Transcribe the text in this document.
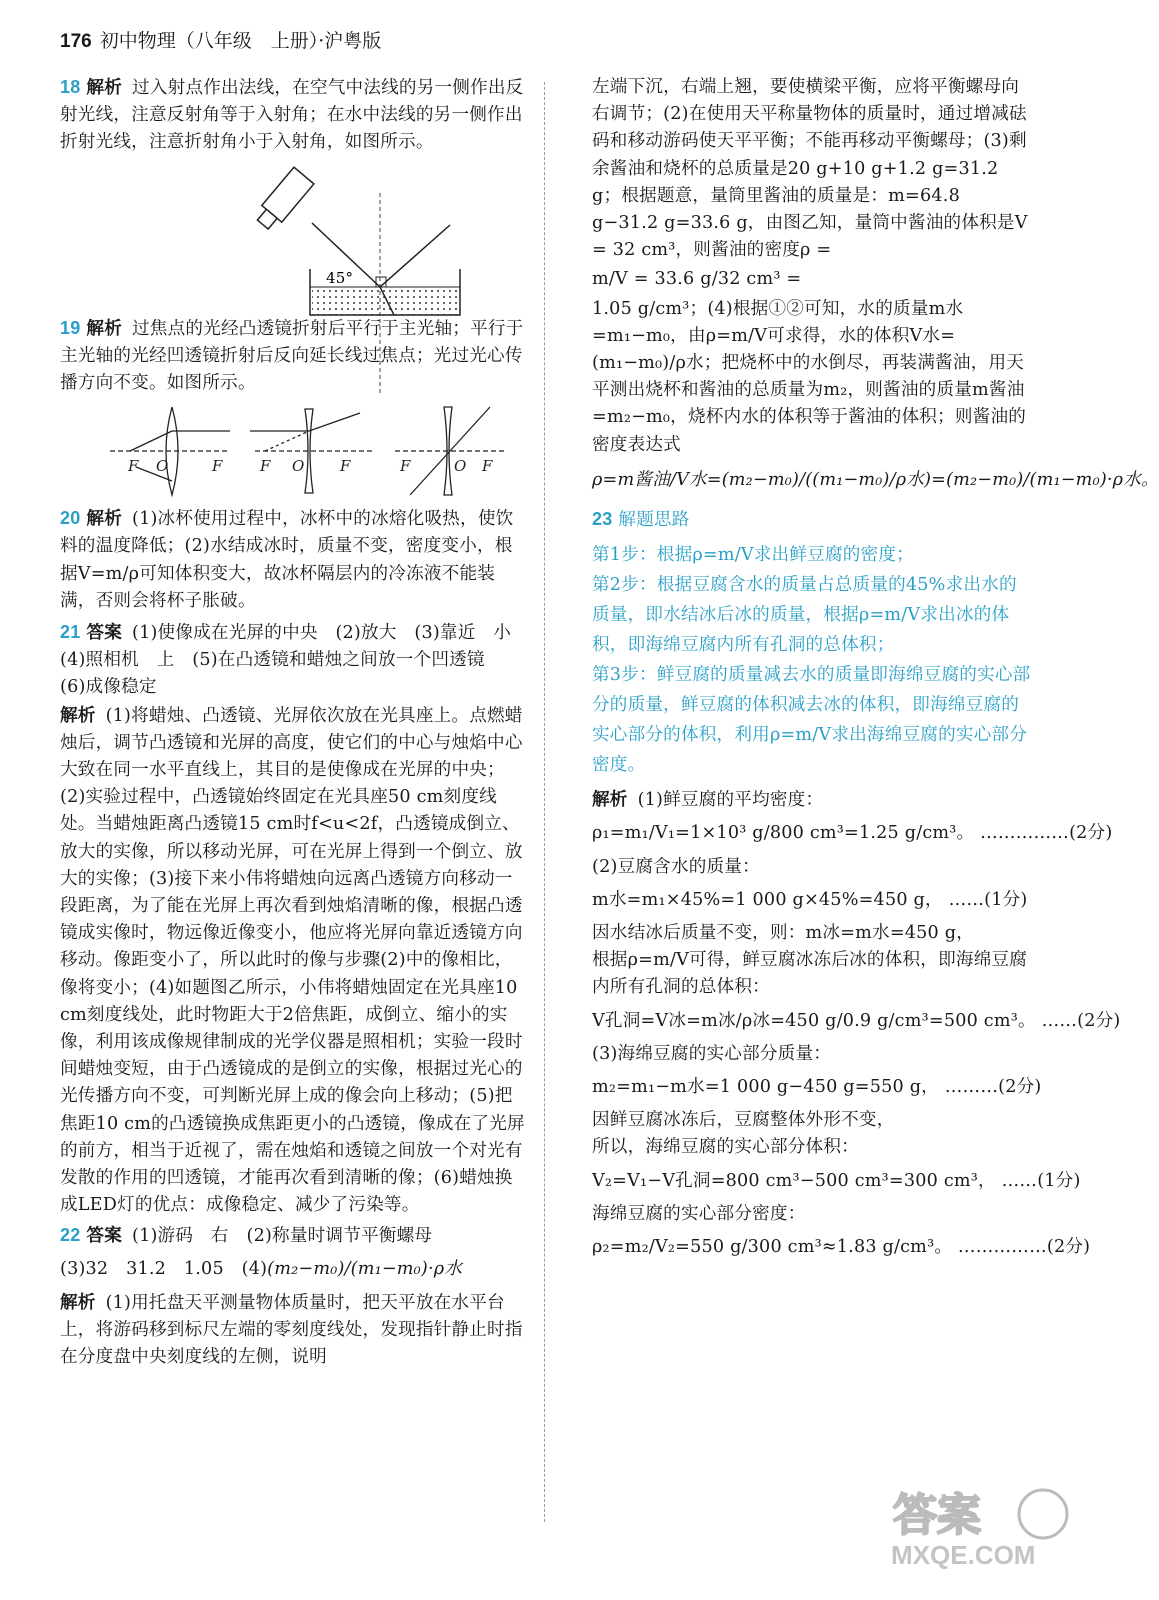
176 初中物理（八年级　上册）·沪粤版

18 解析 过入射点作出法线，在空气中法线的另一侧作出反射光线，注意反射角等于入射角；在水中法线的另一侧作出折射光线，注意折射角小于入射角，如图所示。

45°

19 解析 过焦点的光经凸透镜折射后平行于主光轴；平行于主光轴的光经凹透镜折射后反向延长线过焦点；光过光心传播方向不变。如图所示。

F O	F F O F	F	O F

20 解析 (1)冰杯使用过程中，冰杯中的冰熔化吸热，使饮料的温度降低；(2)水结成冰时，质量不变，密度变小，根据V=m/ρ可知体积变大，故冰杯隔层内的冷冻液不能装满，否则会将杯子胀破。

21 答案 (1)使像成在光屏的中央　(2)放大　(3)靠近　小　(4)照相机　上　(5)在凸透镜和蜡烛之间放一个凹透镜　(6)成像稳定

解析 (1)将蜡烛、凸透镜、光屏依次放在光具座上。点燃蜡烛后，调节凸透镜和光屏的高度，使它们的中心与烛焰中心大致在同一水平直线上，其目的是使像成在光屏的中央；(2)实验过程中，凸透镜始终固定在光具座50 cm刻度线处。当蜡烛距离凸透镜15 cm时f<u<2f，凸透镜成倒立、放大的实像，所以移动光屏，可在光屏上得到一个倒立、放大的实像；(3)接下来小伟将蜡烛向远离凸透镜方向移动一段距离，为了能在光屏上再次看到烛焰清晰的像，根据凸透镜成实像时，物远像近像变小，他应将光屏向靠近透镜方向移动。像距变小了，所以此时的像与步骤(2)中的像相比，像将变小；(4)如题图乙所示，小伟将蜡烛固定在光具座10 cm刻度线处，此时物距大于2倍焦距，成倒立、缩小的实像，利用该成像规律制成的光学仪器是照相机；实验一段时间蜡烛变短，由于凸透镜成的是倒立的实像，根据过光心的光传播方向不变，可判断光屏上成的像会向上移动；(5)把焦距10 cm的凸透镜换成焦距更小的凸透镜，像成在了光屏的前方，相当于近视了，需在烛焰和透镜之间放一个对光有发散的作用的凹透镜，才能再次看到清晰的像；(6)蜡烛换成LED灯的优点：成像稳定、减少了污染等。

22 答案 (1)游码　右　(2)称量时调节平衡螺母

(3)32　31.2　1.05　(4)(m₂−m₀)/(m₁−m₀)·ρ水

解析 (1)用托盘天平测量物体质量时，把天平放在水平台上，将游码移到标尺左端的零刻度线处，发现指针静止时指在分度盘中央刻度线的左侧，说明

左端下沉，右端上翘，要使横梁平衡，应将平衡螺母向右调节；(2)在使用天平称量物体的质量时，通过增减砝码和移动游码使天平平衡；不能再移动平衡螺母；(3)剩余酱油和烧杯的总质量是20 g+10 g+1.2 g=31.2 g；根据题意，量筒里酱油的质量是：m=64.8 g−31.2 g=33.6 g，由图乙知，量筒中酱油的体积是V = 32 cm³，则酱油的密度ρ =

m/V = 33.6 g/32 cm³ =

1.05 g/cm³；(4)根据①②可知，水的质量m水=m₁−m₀，由ρ=m/V可求得，水的体积V水=(m₁−m₀)/ρ水；把烧杯中的水倒尽，再装满酱油，用天平测出烧杯和酱油的总质量为m₂，则酱油的质量m酱油=m₂−m₀，烧杯内水的体积等于酱油的体积；则酱油的密度表达式

ρ=m酱油/V水=(m₂−m₀)/((m₁−m₀)/ρ水)=(m₂−m₀)/(m₁−m₀)·ρ水。

23 解题思路

第1步：根据ρ=m/V求出鲜豆腐的密度；

第2步：根据豆腐含水的质量占总质量的45%求出水的质量，即水结冰后冰的质量，根据ρ=m/V求出冰的体积，即海绵豆腐内所有孔洞的总体积；

第3步：鲜豆腐的质量减去水的质量即海绵豆腐的实心部分的质量，鲜豆腐的体积减去冰的体积，即海绵豆腐的实心部分的体积，利用ρ=m/V求出海绵豆腐的实心部分密度。

解析 (1)鲜豆腐的平均密度：

ρ₁=m₁/V₁=1×10³ g/800 cm³=1.25 g/cm³。 ……………(2分)

(2)豆腐含水的质量：

m水=m₁×45%=1 000 g×45%=450 g， ……(1分)

因水结冰后质量不变，则：m冰=m水=450 g，

根据ρ=m/V可得，鲜豆腐冰冻后冰的体积，即海绵豆腐内所有孔洞的总体积：

V孔洞=V冰=m冰/ρ冰=450 g/0.9 g/cm³=500 cm³。 ……(2分)

(3)海绵豆腐的实心部分质量：

m₂=m₁−m水=1 000 g−450 g=550 g， ………(2分)

因鲜豆腐冰冻后，豆腐整体外形不变，

所以，海绵豆腐的实心部分体积：

V₂=V₁−V孔洞=800 cm³−500 cm³=300 cm³， ……(1分)

海绵豆腐的实心部分密度：

ρ₂=m₂/V₂=550 g/300 cm³≈1.83 g/cm³。 ……………(2分)

答案
MXQE.COM
